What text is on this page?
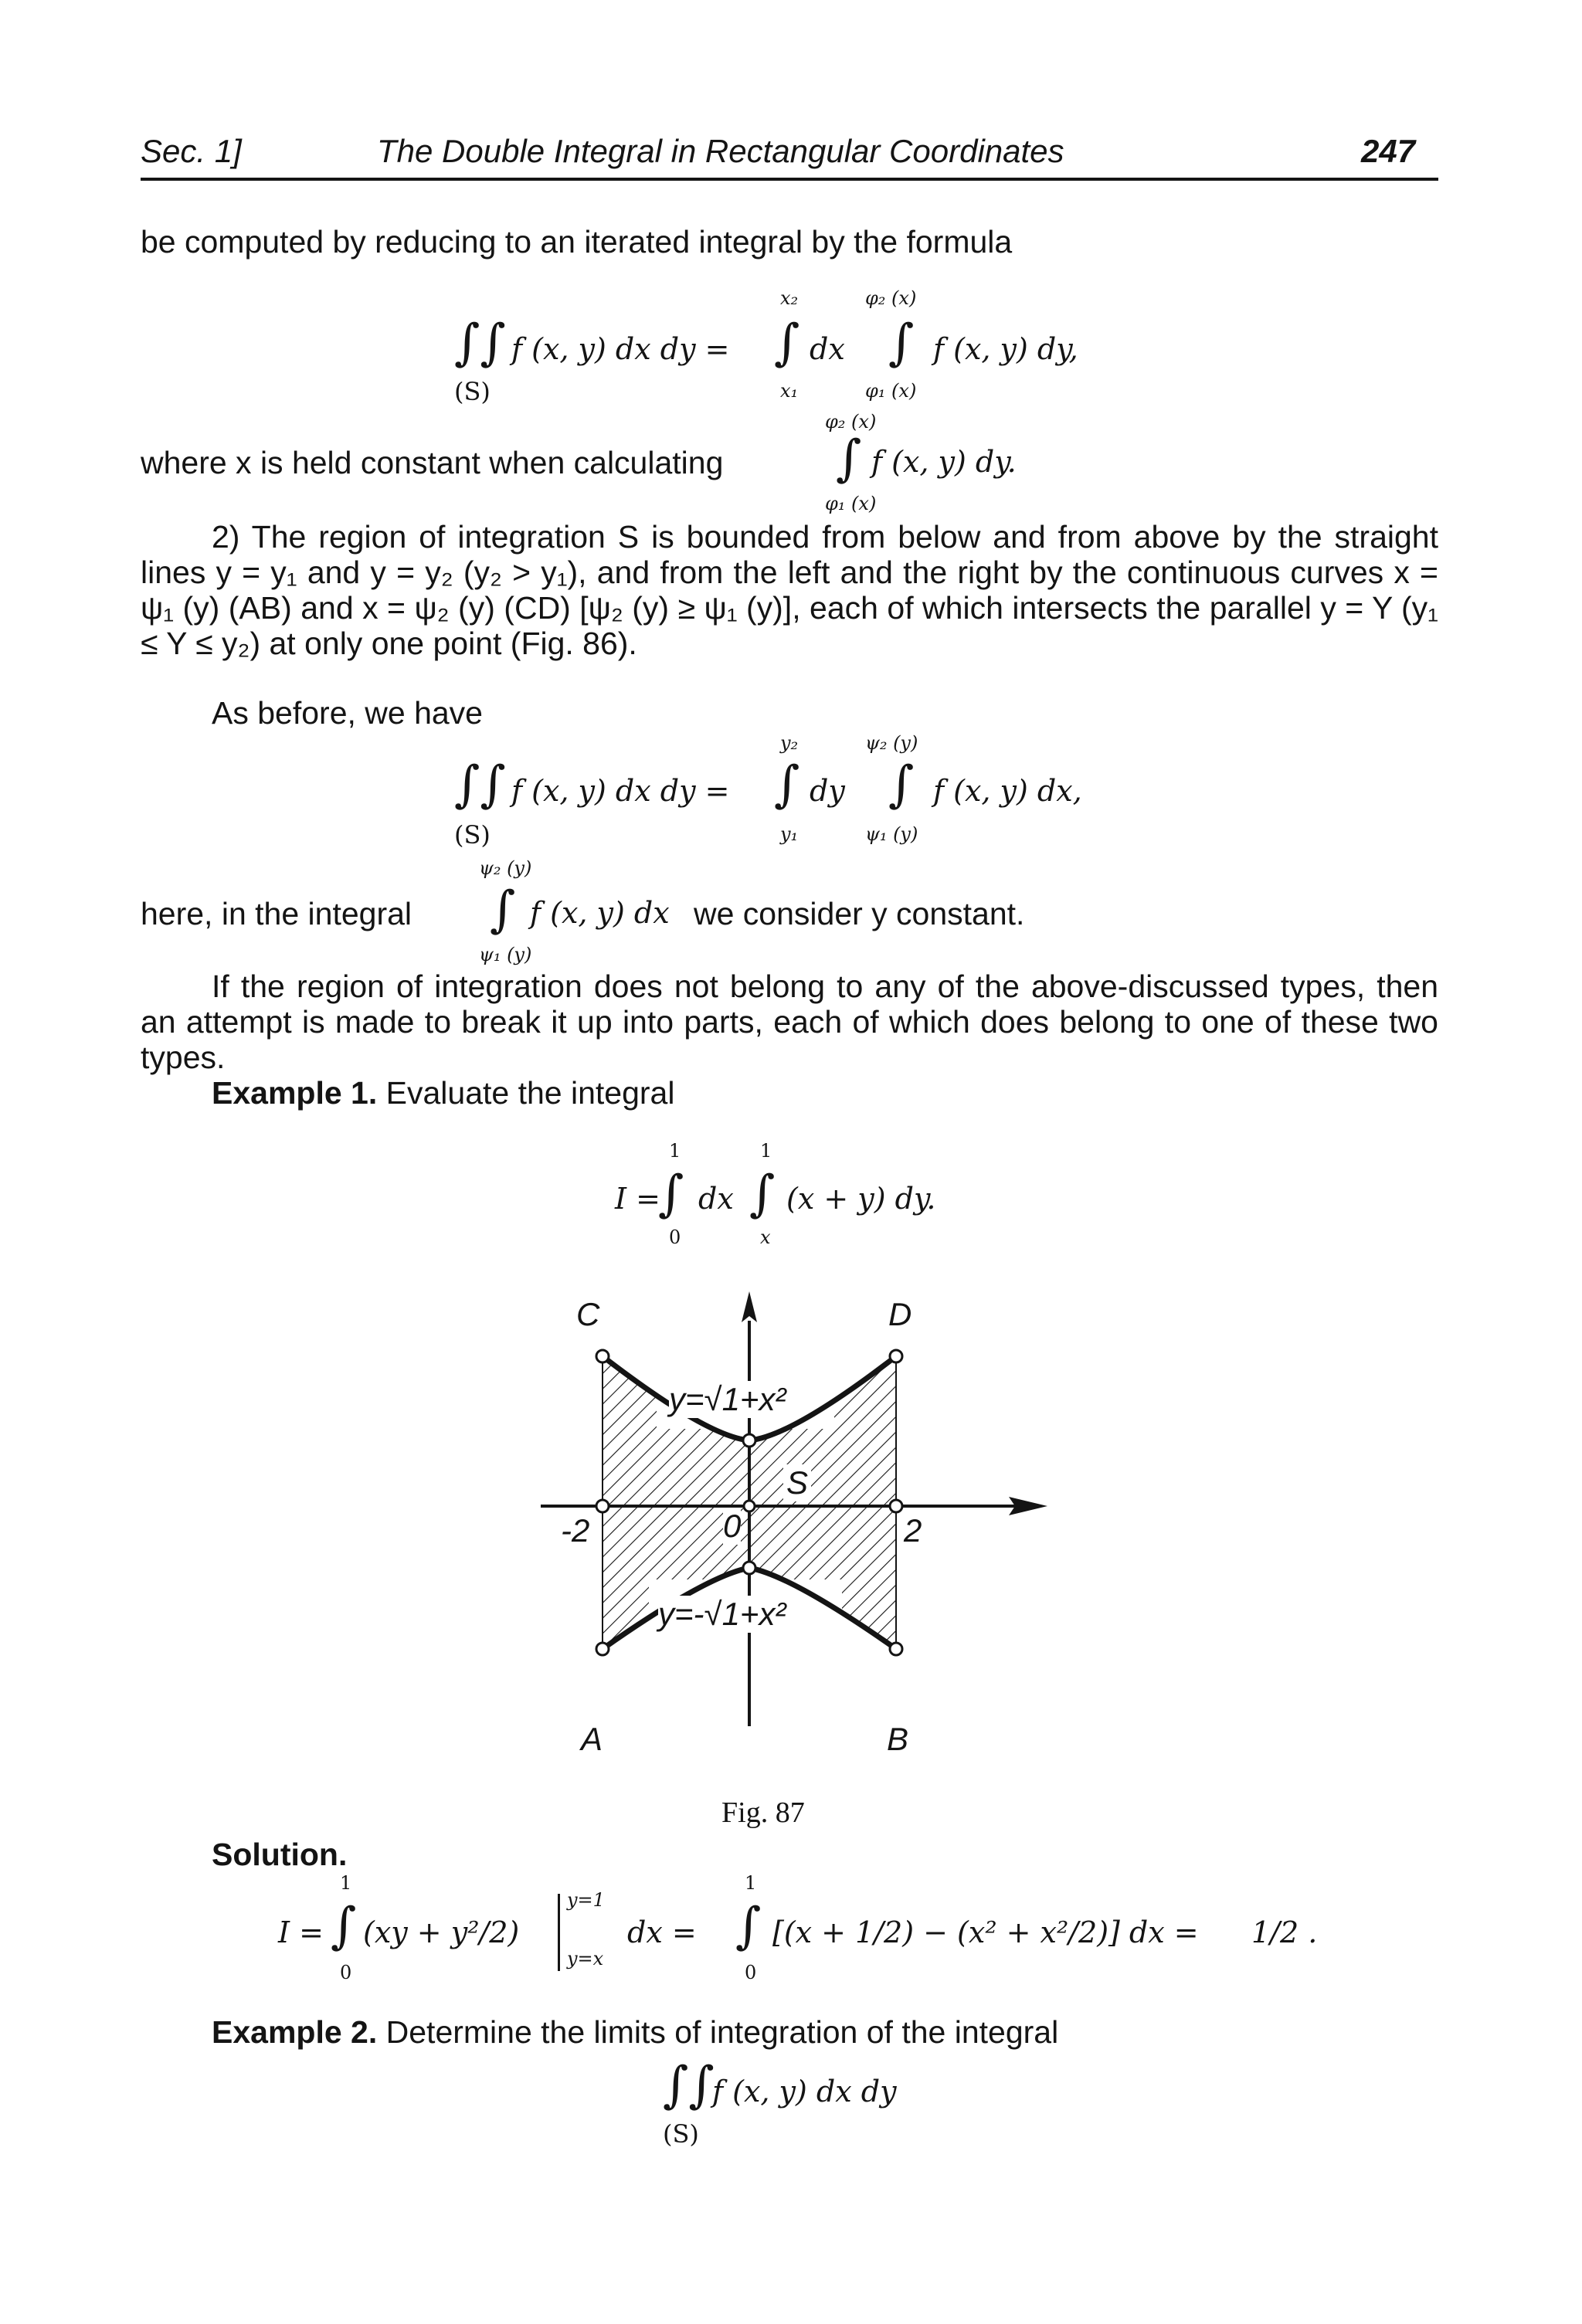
Sec. 1]	The Double Integral in Rectangular Coordinates	247
be computed by reducing to an iterated integral by the formula
∫∫
(S)
f (x, y) dx dy =
x₂
∫
x₁
dx
φ₂ (x)
∫
φ₁ (x)
f (x, y) dy,
φ₂ (x)
where x is held constant when calculating ∫ f (x, y) dy.
φ₁ (x)
2) The region of integration S is bounded from below and from above by the straight lines y = y₁ and y = y₂ (y₂ > y₁), and from the left and the right by the continuous curves x = ψ₁ (y) (AB) and x = ψ₂ (y) (CD) [ψ₂ (y) ≥ ψ₁ (y)], each of which intersects the parallel y = Y (y₁ ≤ Y ≤ y₂) at only one point (Fig. 86).
As before, we have
∫∫
(S)
f (x, y) dx dy =
y₂
∫
y₁
dy
ψ₂ (y)
∫
ψ₁ (y)
f (x, y) dx,
ψ₂ (y)
here, in the integral ∫ f (x, y) dx we consider y constant.
ψ₁ (y)
If the region of integration does not belong to any of the above-discussed types, then an attempt is made to break it up into parts, each of which does belong to one of these two types.
Example 1. Evaluate the integral
I =
1
∫
0
dx
1
∫
x
(x + y) dy.
C	D
A	B
y=√1+x²
y=-√1+x²
S
0
-2	2
Fig. 87
Solution.
I =
1
∫
0
(xy + y²/2)
y=1
y=x
dx =
1
∫
0
[(x + 1/2) − (x² + x²/2)] dx = 1/2 .
Example 2. Determine the limits of integration of the integral
∫∫
f (x, y) dx dy
(S)
